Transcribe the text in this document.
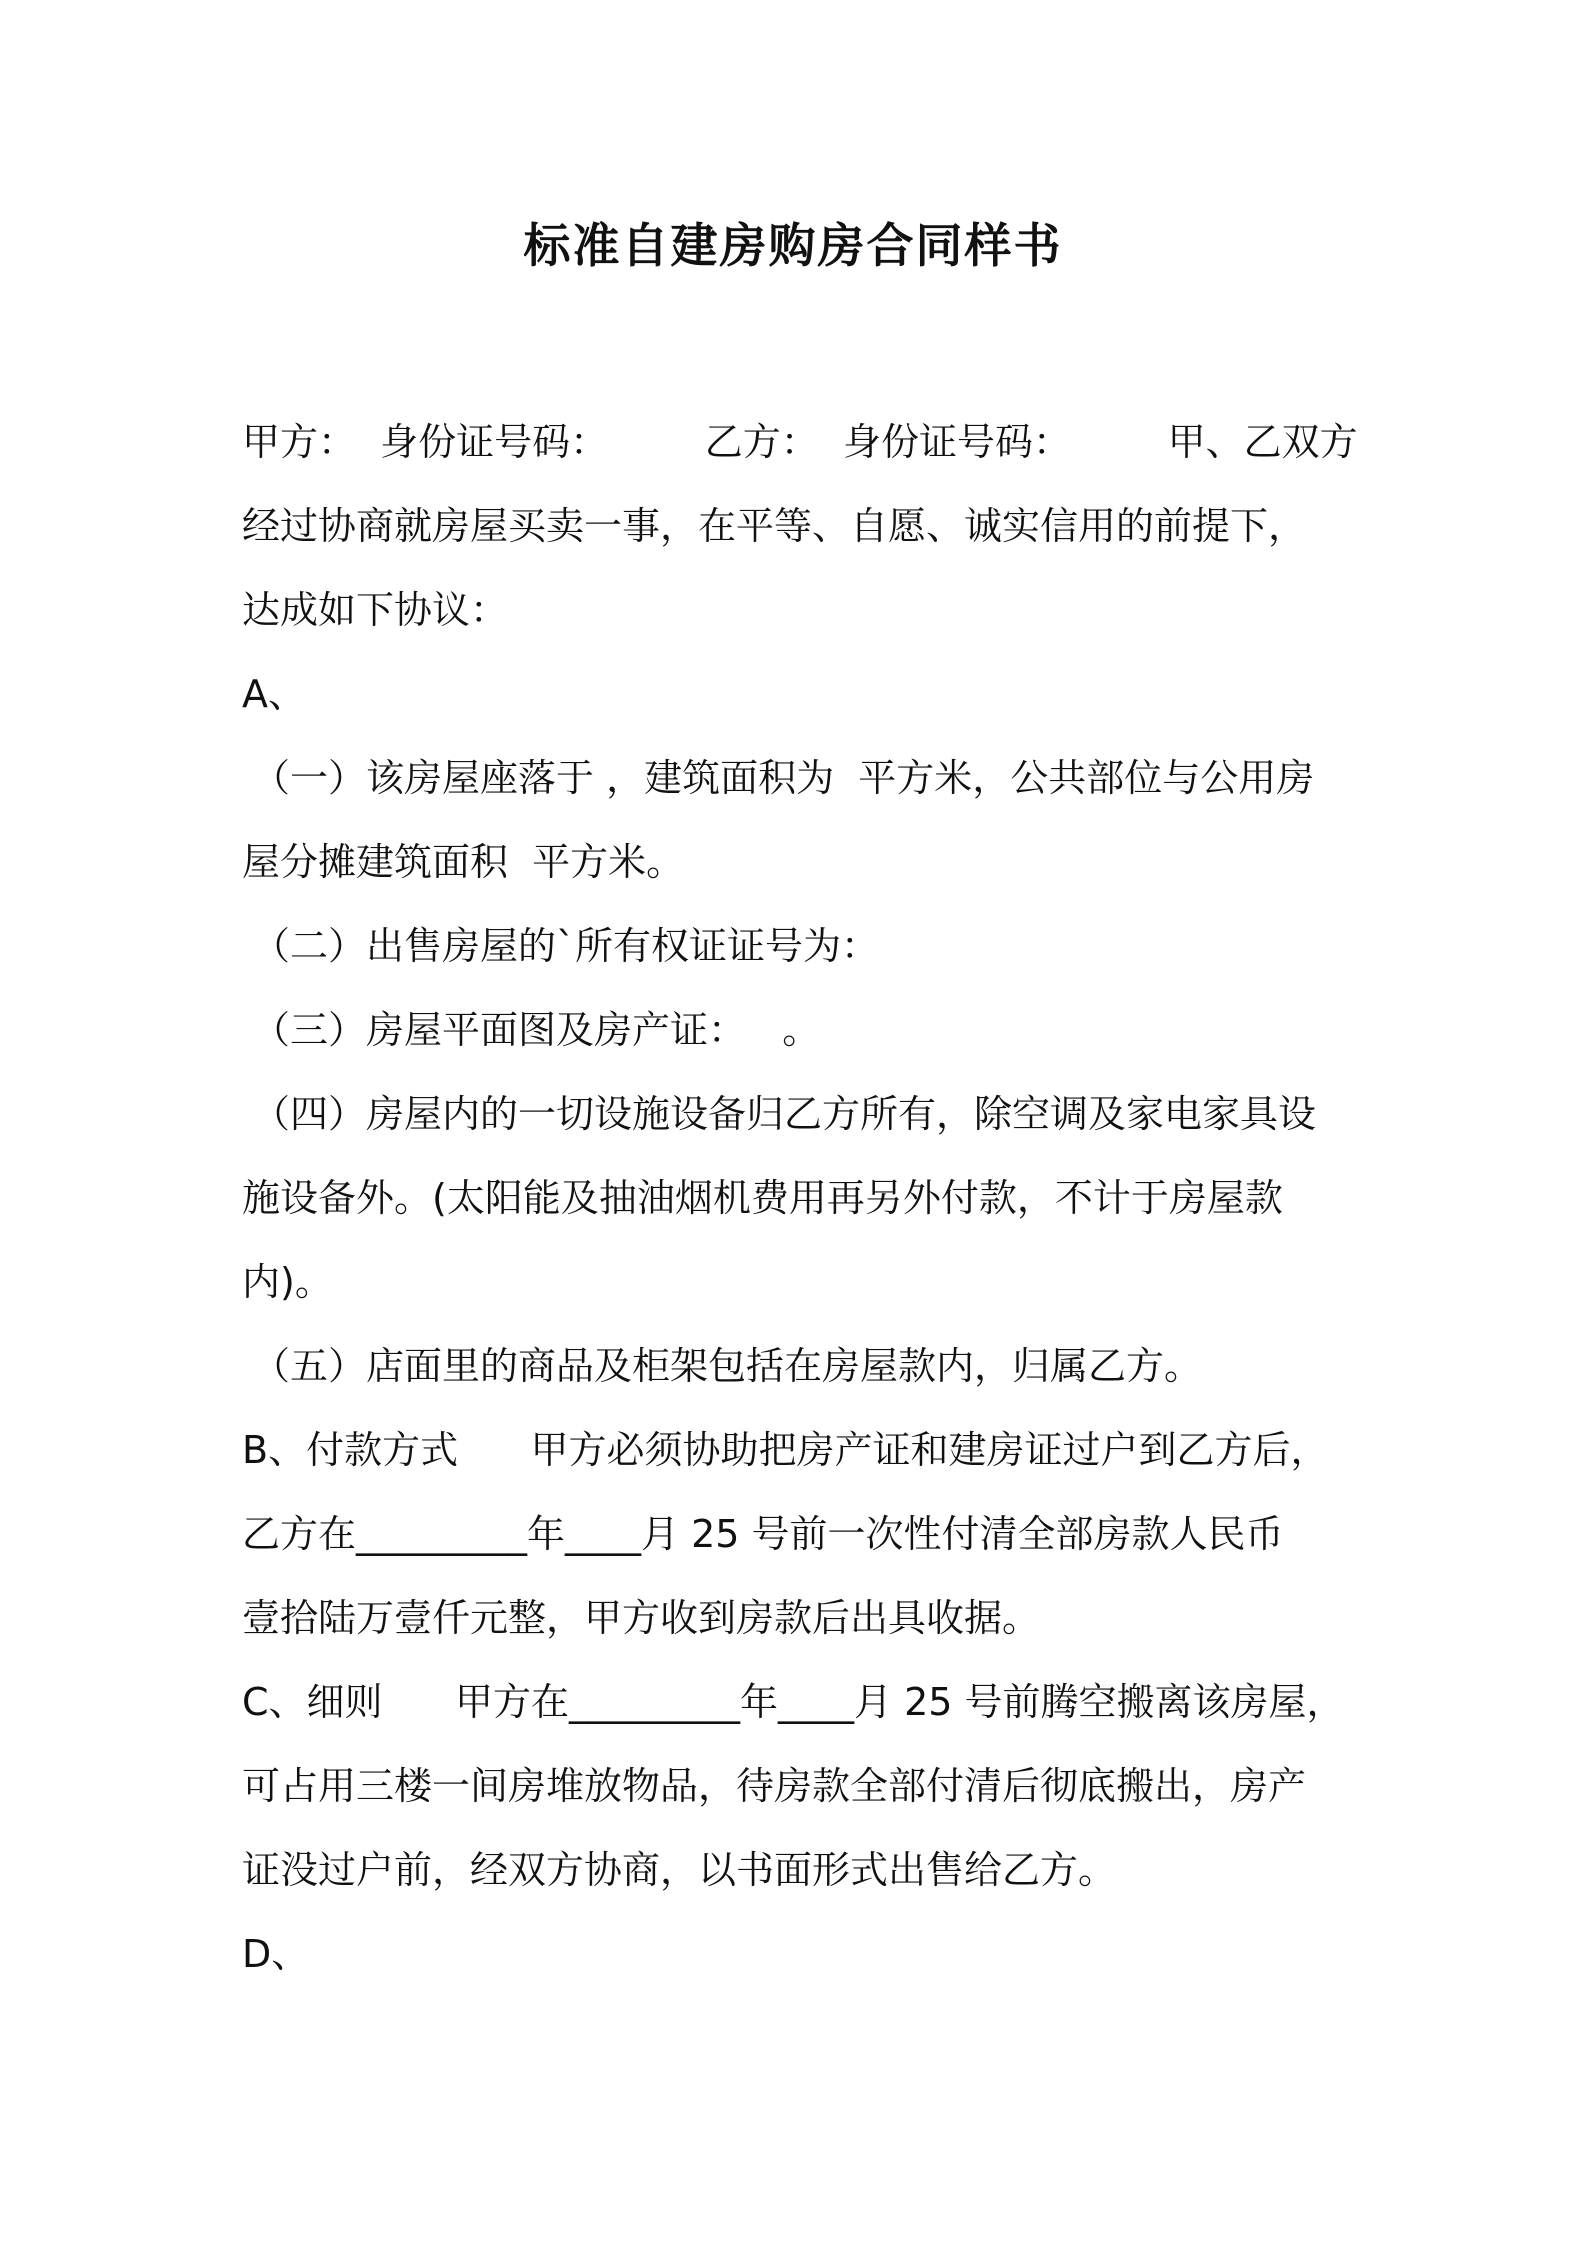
标准自建房购房合同样书
甲方：  身份证号码：        乙方：  身份证号码：        甲、乙双方
经过协商就房屋买卖一事，在平等、自愿、诚实信用的前提下，
达成如下协议：
A、
（一）该房屋座落于 ，建筑面积为  平方米，公共部位与公用房
屋分摊建筑面积  平方米。
（二）出售房屋的`所有权证证号为：
（三）房屋平面图及房产证：   。
（四）房屋内的一切设施设备归乙方所有，除空调及家电家具设
施设备外。(太阳能及抽油烟机费用再另外付款，不计于房屋款
内)。
（五）店面里的商品及柜架包括在房屋款内，归属乙方。
B、付款方式      甲方必须协助把房产证和建房证过户到乙方后，
乙方在_________年____月 25 号前一次性付清全部房款人民币
壹拾陆万壹仟元整，甲方收到房款后出具收据。
C、细则      甲方在_________年____月 25 号前腾空搬离该房屋，
可占用三楼一间房堆放物品，待房款全部付清后彻底搬出，房产
证没过户前，经双方协商，以书面形式出售给乙方。
D、
